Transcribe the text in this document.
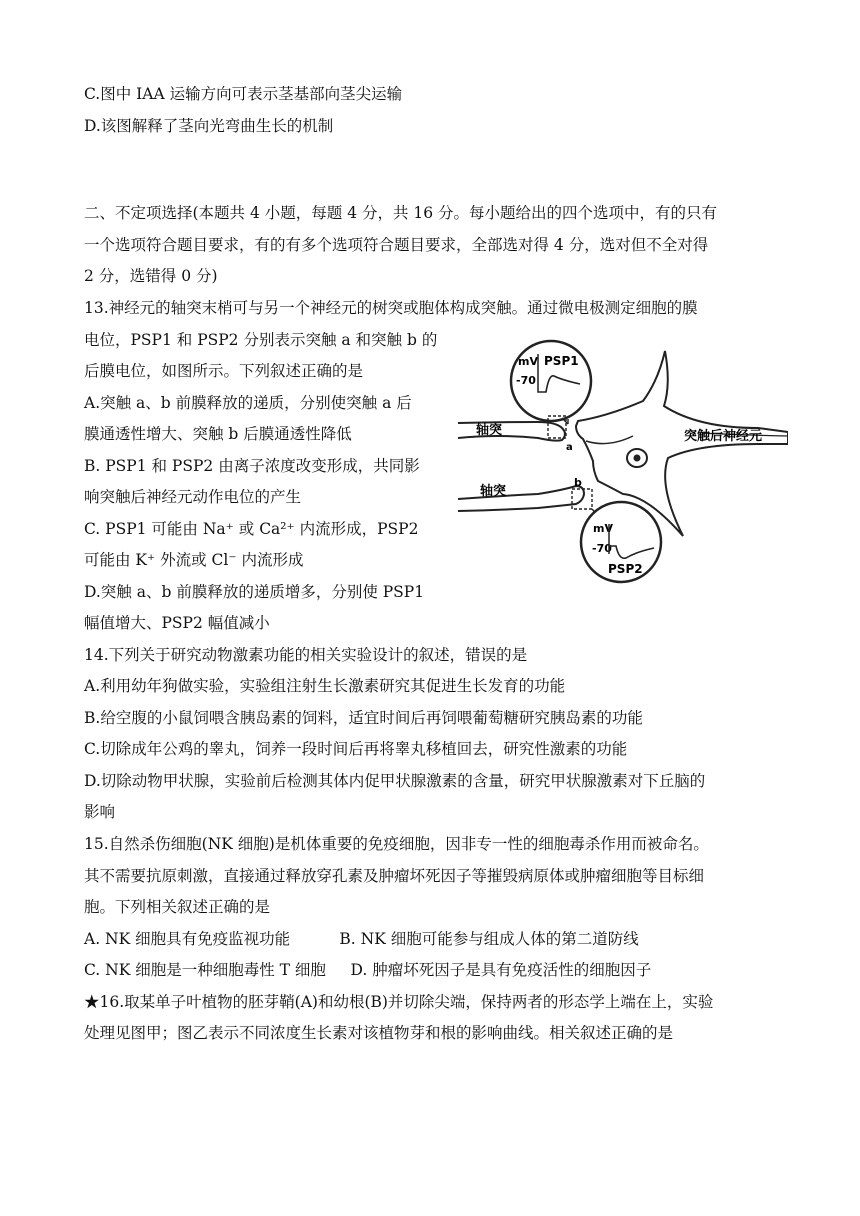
C.图中 IAA 运输方向可表示茎基部向茎尖运输
D.该图解释了茎向光弯曲生长的机制
二、不定项选择(本题共 4 小题，每题 4 分，共 16 分。每小题给出的四个选项中，有的只有
一个选项符合题目要求，有的有多个选项符合题目要求，全部选对得 4 分，选对但不全对得
2 分，选错得 0 分)
13.神经元的轴突末梢可与另一个神经元的树突或胞体构成突触。通过微电极测定细胞的膜
电位，PSP1 和 PSP2 分别表示突触 a 和突触 b 的
后膜电位，如图所示。下列叙述正确的是
A.突触 a、b 前膜释放的递质，分别使突触 a 后
膜通透性增大、突触 b 后膜通透性降低
B. PSP1 和 PSP2 由离子浓度改变形成，共同影
响突触后神经元动作电位的产生
C. PSP1 可能由 Na⁺ 或 Ca²⁺ 内流形成，PSP2
可能由 K⁺ 外流或 Cl⁻ 内流形成
D.突触 a、b 前膜释放的递质增多，分别使 PSP1
幅值增大、PSP2 幅值减小
mV PSP1
-70
a
轴突
b
轴突
mV
-70
PSP2
突触后神经元
14.下列关于研究动物激素功能的相关实验设计的叙述，错误的是
A.利用幼年狗做实验，实验组注射生长激素研究其促进生长发育的功能
B.给空腹的小鼠饲喂含胰岛素的饲料，适宜时间后再饲喂葡萄糖研究胰岛素的功能
C.切除成年公鸡的睾丸，饲养一段时间后再将睾丸移植回去，研究性激素的功能
D.切除动物甲状腺，实验前后检测其体内促甲状腺激素的含量，研究甲状腺激素对下丘脑的
影响
15.自然杀伤细胞(NK 细胞)是机体重要的免疫细胞，因非专一性的细胞毒杀作用而被命名。
其不需要抗原刺激，直接通过释放穿孔素及肿瘤坏死因子等摧毁病原体或肿瘤细胞等目标细
胞。下列相关叙述正确的是
A. NK 细胞具有免疫监视功能          B. NK 细胞可能参与组成人体的第二道防线
C. NK 细胞是一种细胞毒性 T 细胞     D. 肿瘤坏死因子是具有免疫活性的细胞因子
★16.取某单子叶植物的胚芽鞘(A)和幼根(B)并切除尖端，保持两者的形态学上端在上，实验
处理见图甲；图乙表示不同浓度生长素对该植物芽和根的影响曲线。相关叙述正确的是
